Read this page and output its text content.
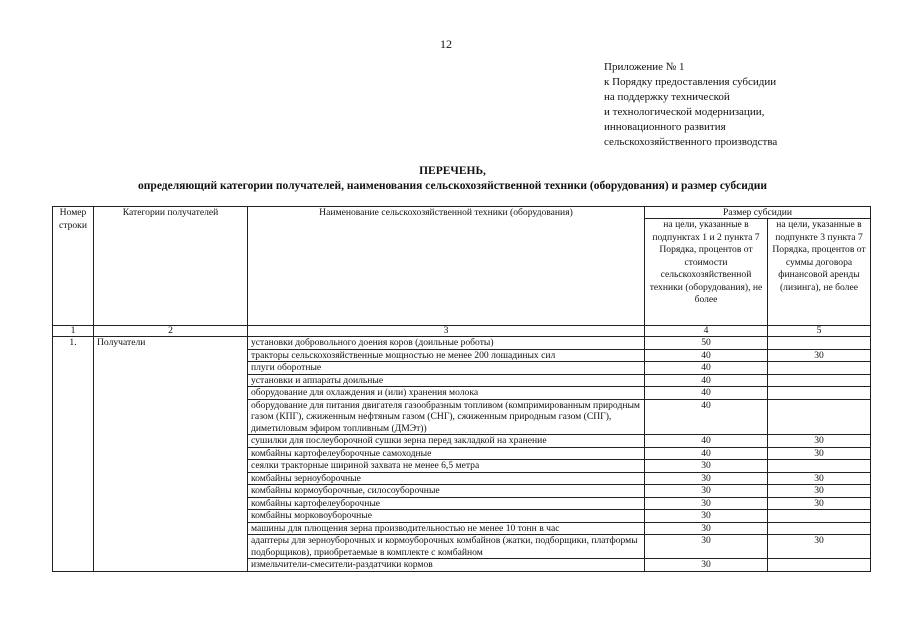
12
Приложение № 1
к Порядку предоставления субсидии
на поддержку технической
и технологической модернизации,
инновационного развития
сельскохозяйственного производства
ПЕРЕЧЕНЬ,
определяющий категории получателей, наименования сельскохозяйственной техники (оборудования) и размер субсидии
Номер строки	Категории получателей	Наименование сельскохозяйственной техники (оборудования)	Размер субсидии	
			на цели, указанные в подпунктах 1 и 2 пункта 7 Порядка, процентов от стоимости сельскохозяйственной техники (оборудования), не более	на цели, указанные в подпункте 3 пункта 7 Порядка, процентов от суммы договора финансовой аренды (лизинга), не более
1	2	3	4	5
1.	Получатели	установки добровольного доения коров (доильные роботы)	50	
		тракторы сельскохозяйственные мощностью не менее 200 лошадиных сил	40	30
		плуги оборотные	40	
		установки и аппараты доильные	40	
		оборудование для охлаждения и (или) хранения молока	40	
		оборудование для питания двигателя газообразным топливом (компримированным природным газом (КПГ), сжиженным нефтяным газом (СНГ), сжиженным природным газом (СПГ), диметиловым эфиром топливным (ДМЭт))	40	
		сушилки для послеуборочной сушки зерна перед закладкой на хранение	40	30
		комбайны картофелеуборочные самоходные	40	30
		сеялки тракторные шириной захвата не менее 6,5 метра	30	
		комбайны зерноуборочные	30	30
		комбайны кормоуборочные, силосоуборочные	30	30
		комбайны картофелеуборочные	30	30
		комбайны морковоуборочные	30	
		машины для плющения зерна производительностью не менее 10 тонн в час	30	
		адаптеры для зерноуборочных и кормоуборочных комбайнов (жатки, подборщики, платформы подборщиков), приобретаемые в комплекте с комбайном	30	30
		измельчители-смесители-раздатчики кормов	30	
